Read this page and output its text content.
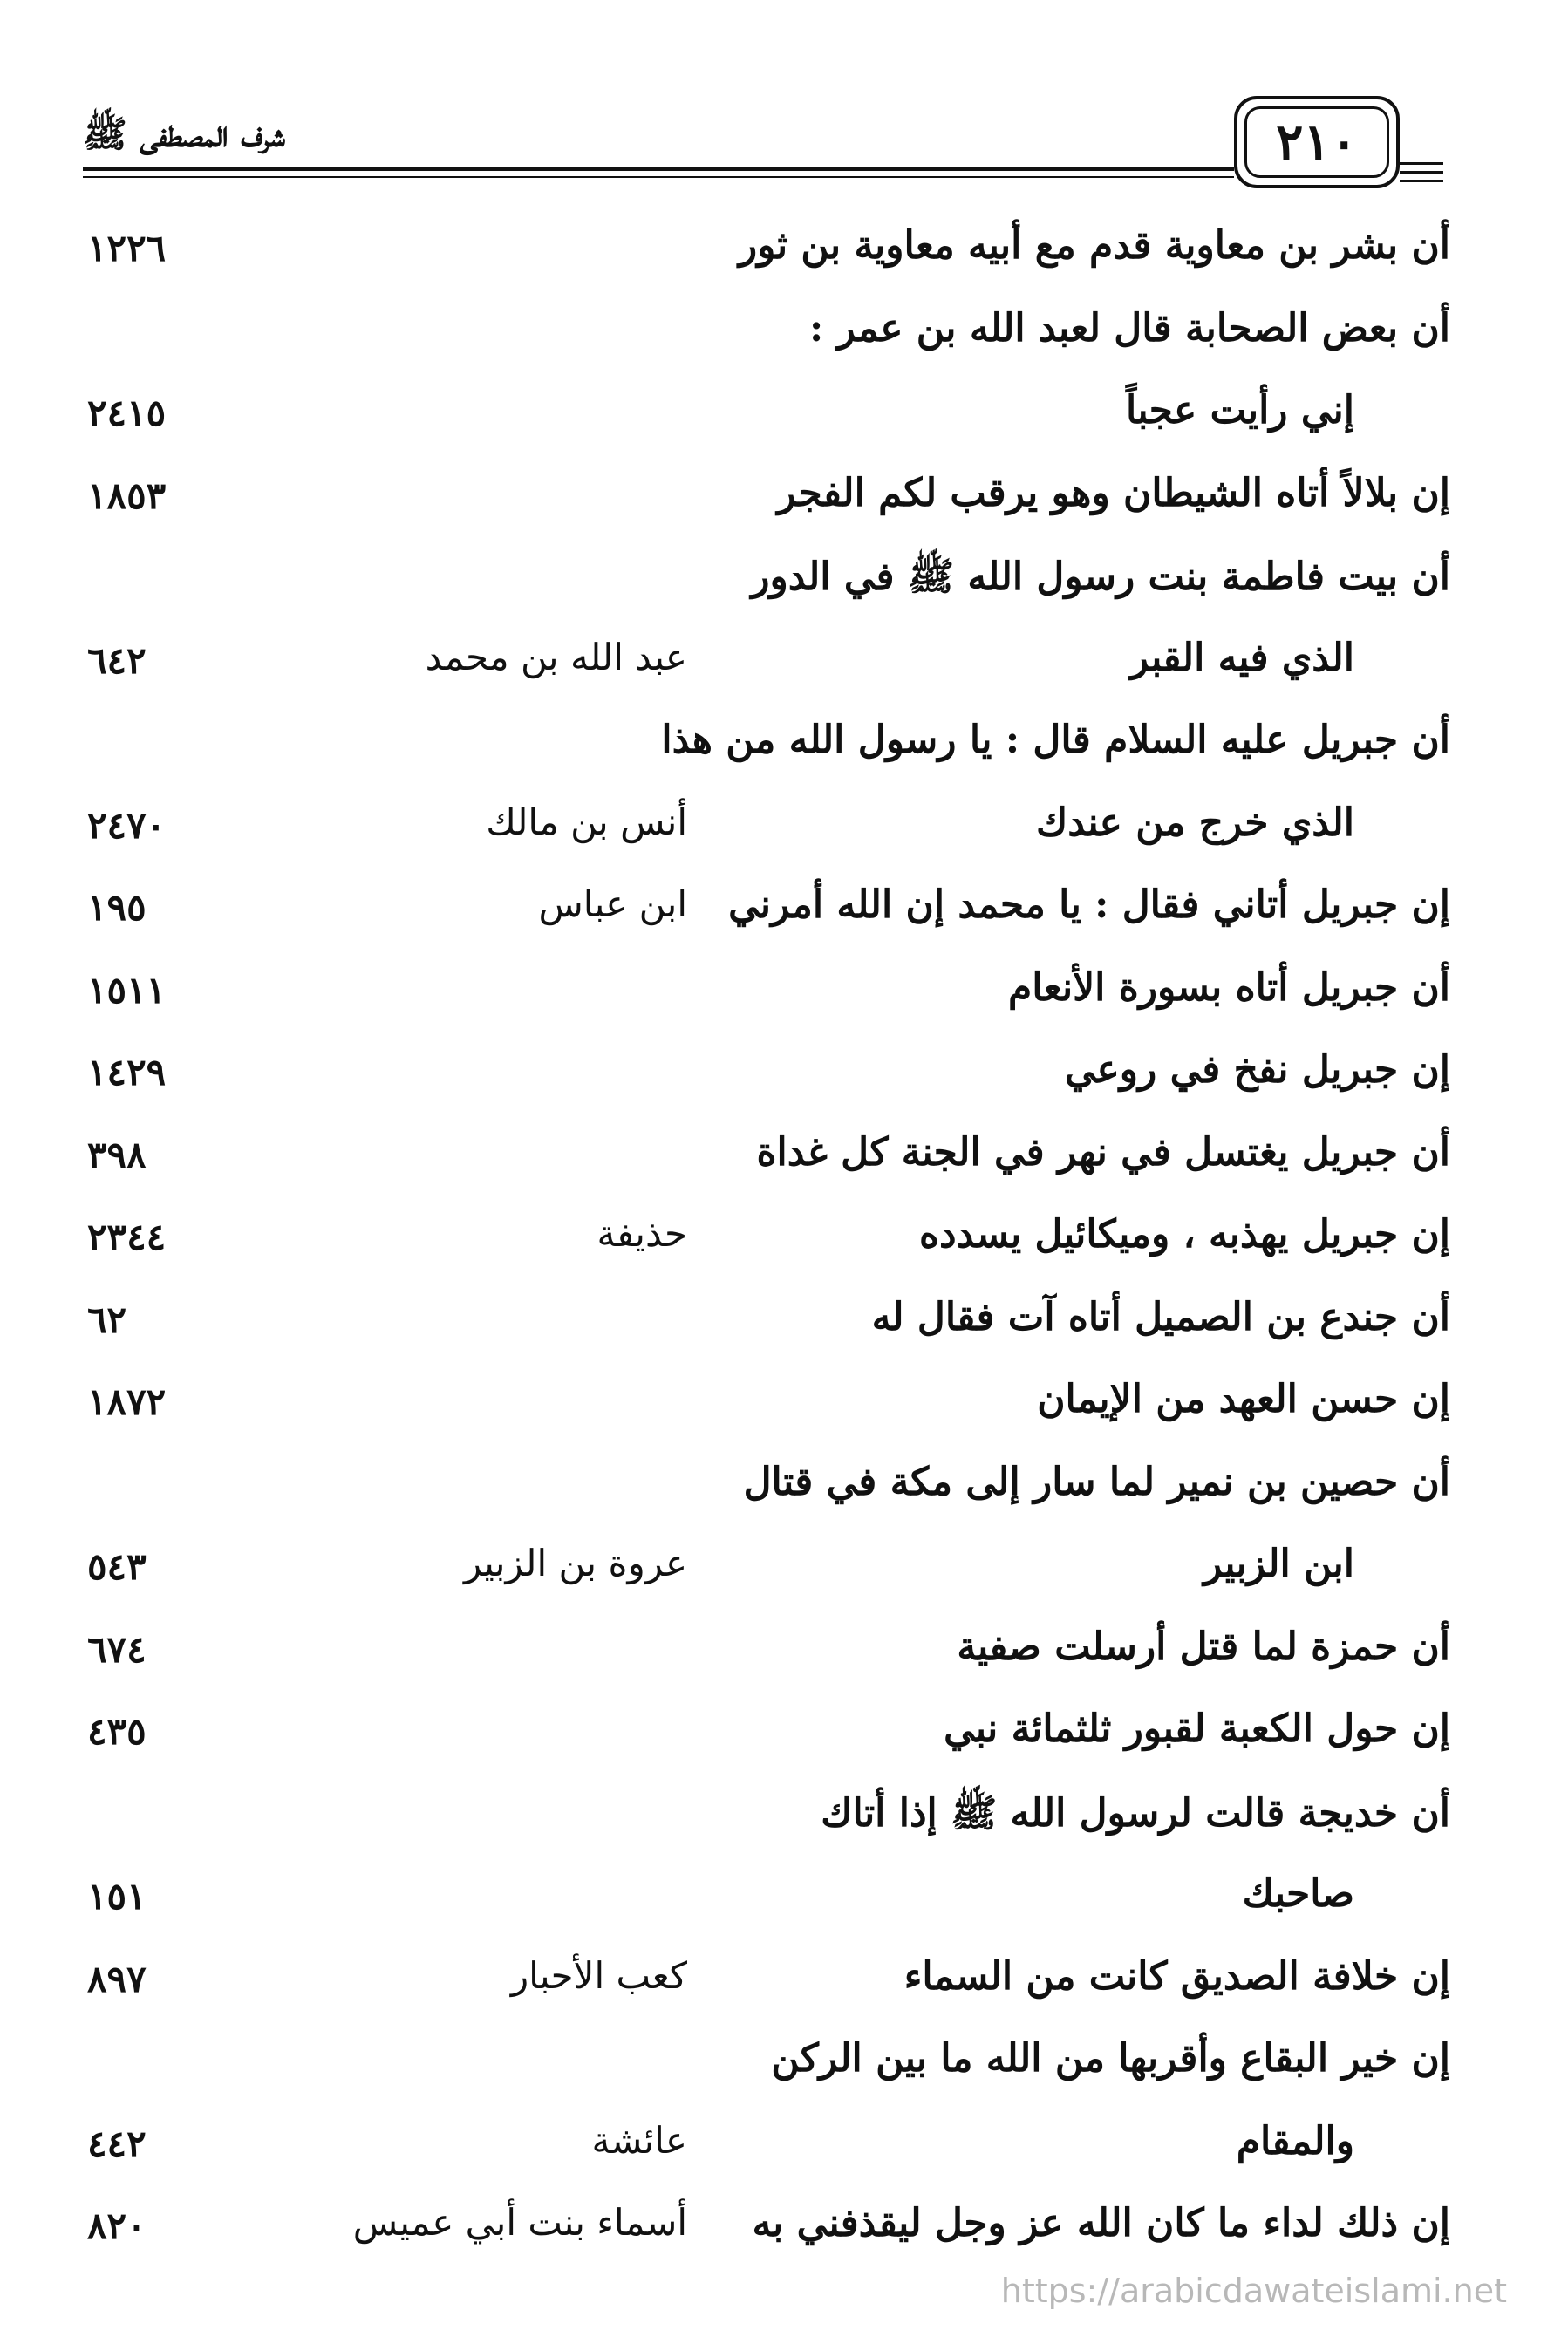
شرف المصطفى ﷺ	٢١٠
أن بشر بن معاوية قدم مع أبيه معاوية بن ثور
١٢٢٦
أن بعض الصحابة قال لعبد الله بن عمر :
إني رأيت عجباً
٢٤١٥
إن بلالاً أتاه الشيطان وهو يرقب لكم الفجر
١٨٥٣
أن بيت فاطمة بنت رسول الله ﷺ في الدور
الذي فيه القبر
عبد الله بن محمد
٦٤٢
أن جبريل عليه السلام قال : يا رسول الله من هذا
الذي خرج من عندك
أنس بن مالك
٢٤٧٠
إن جبريل أتاني فقال : يا محمد إن الله أمرني
ابن عباس
١٩٥
أن جبريل أتاه بسورة الأنعام
١٥١١
إن جبريل نفخ في روعي
١٤٢٩
أن جبريل يغتسل في نهر في الجنة كل غداة
٣٩٨
إن جبريل يهذبه ، وميكائيل يسدده
حذيفة
٢٣٤٤
أن جندع بن الصميل أتاه آت فقال له
٦٢
إن حسن العهد من الإيمان
١٨٧٢
أن حصين بن نمير لما سار إلى مكة في قتال
ابن الزبير
عروة بن الزبير
٥٤٣
أن حمزة لما قتل أرسلت صفية
٦٧٤
إن حول الكعبة لقبور ثلثمائة نبي
٤٣٥
أن خديجة قالت لرسول الله ﷺ إذا أتاك
صاحبك
١٥١
إن خلافة الصديق كانت من السماء
كعب الأحبار
٨٩٧
إن خير البقاع وأقربها من الله ما بين الركن
والمقام
عائشة
٤٤٢
إن ذلك لداء ما كان الله عز وجل ليقذفني به
أسماء بنت أبي عميس
٨٢٠
https://arabicdawateislami.net
